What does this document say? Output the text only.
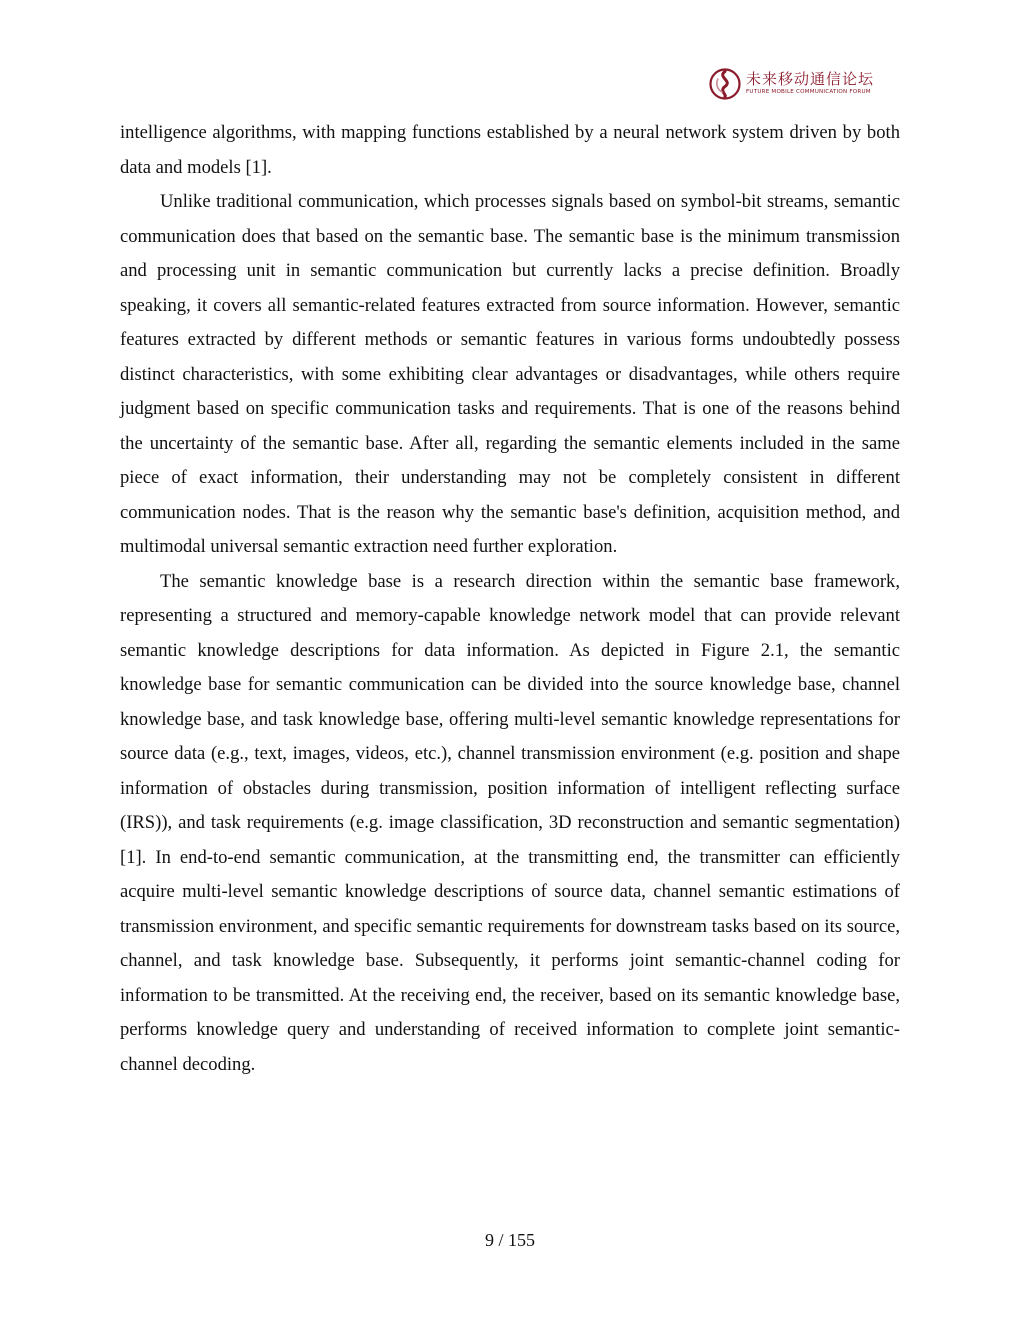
未来移动通信论坛
FUTURE MOBILE COMMUNICATION FORUM

intelligence algorithms, with mapping functions established by a neural network system driven by both data and models [1].

Unlike traditional communication, which processes signals based on symbol-bit streams, semantic communication does that based on the semantic base. The semantic base is the minimum transmission and processing unit in semantic communication but currently lacks a precise definition. Broadly speaking, it covers all semantic-related features extracted from source information. However, semantic features extracted by different methods or semantic features in various forms undoubtedly possess distinct characteristics, with some exhibiting clear advantages or disadvantages, while others require judgment based on specific communication tasks and requirements. That is one of the reasons behind the uncertainty of the semantic base. After all, regarding the semantic elements included in the same piece of exact information, their understanding may not be completely consistent in different communication nodes. That is the reason why the semantic base's definition, acquisition method, and multimodal universal semantic extraction need further exploration.

The semantic knowledge base is a research direction within the semantic base framework, representing a structured and memory-capable knowledge network model that can provide relevant semantic knowledge descriptions for data information. As depicted in Figure 2.1, the semantic knowledge base for semantic communication can be divided into the source knowledge base, channel knowledge base, and task knowledge base, offering multi-level semantic knowledge representations for source data (e.g., text, images, videos, etc.), channel transmission environment (e.g. position and shape information of obstacles during transmission, position information of intelligent reflecting surface (IRS)), and task requirements (e.g. image classification, 3D reconstruction and semantic segmentation) [1]. In end-to-end semantic communication, at the transmitting end, the transmitter can efficiently acquire multi-level semantic knowledge descriptions of source data, channel semantic estimations of transmission environment, and specific semantic requirements for downstream tasks based on its source, channel, and task knowledge base. Subsequently, it performs joint semantic-channel coding for information to be transmitted. At the receiving end, the receiver, based on its semantic knowledge base, performs knowledge query and understanding of received information to complete joint semantic-channel decoding.

9 / 155
